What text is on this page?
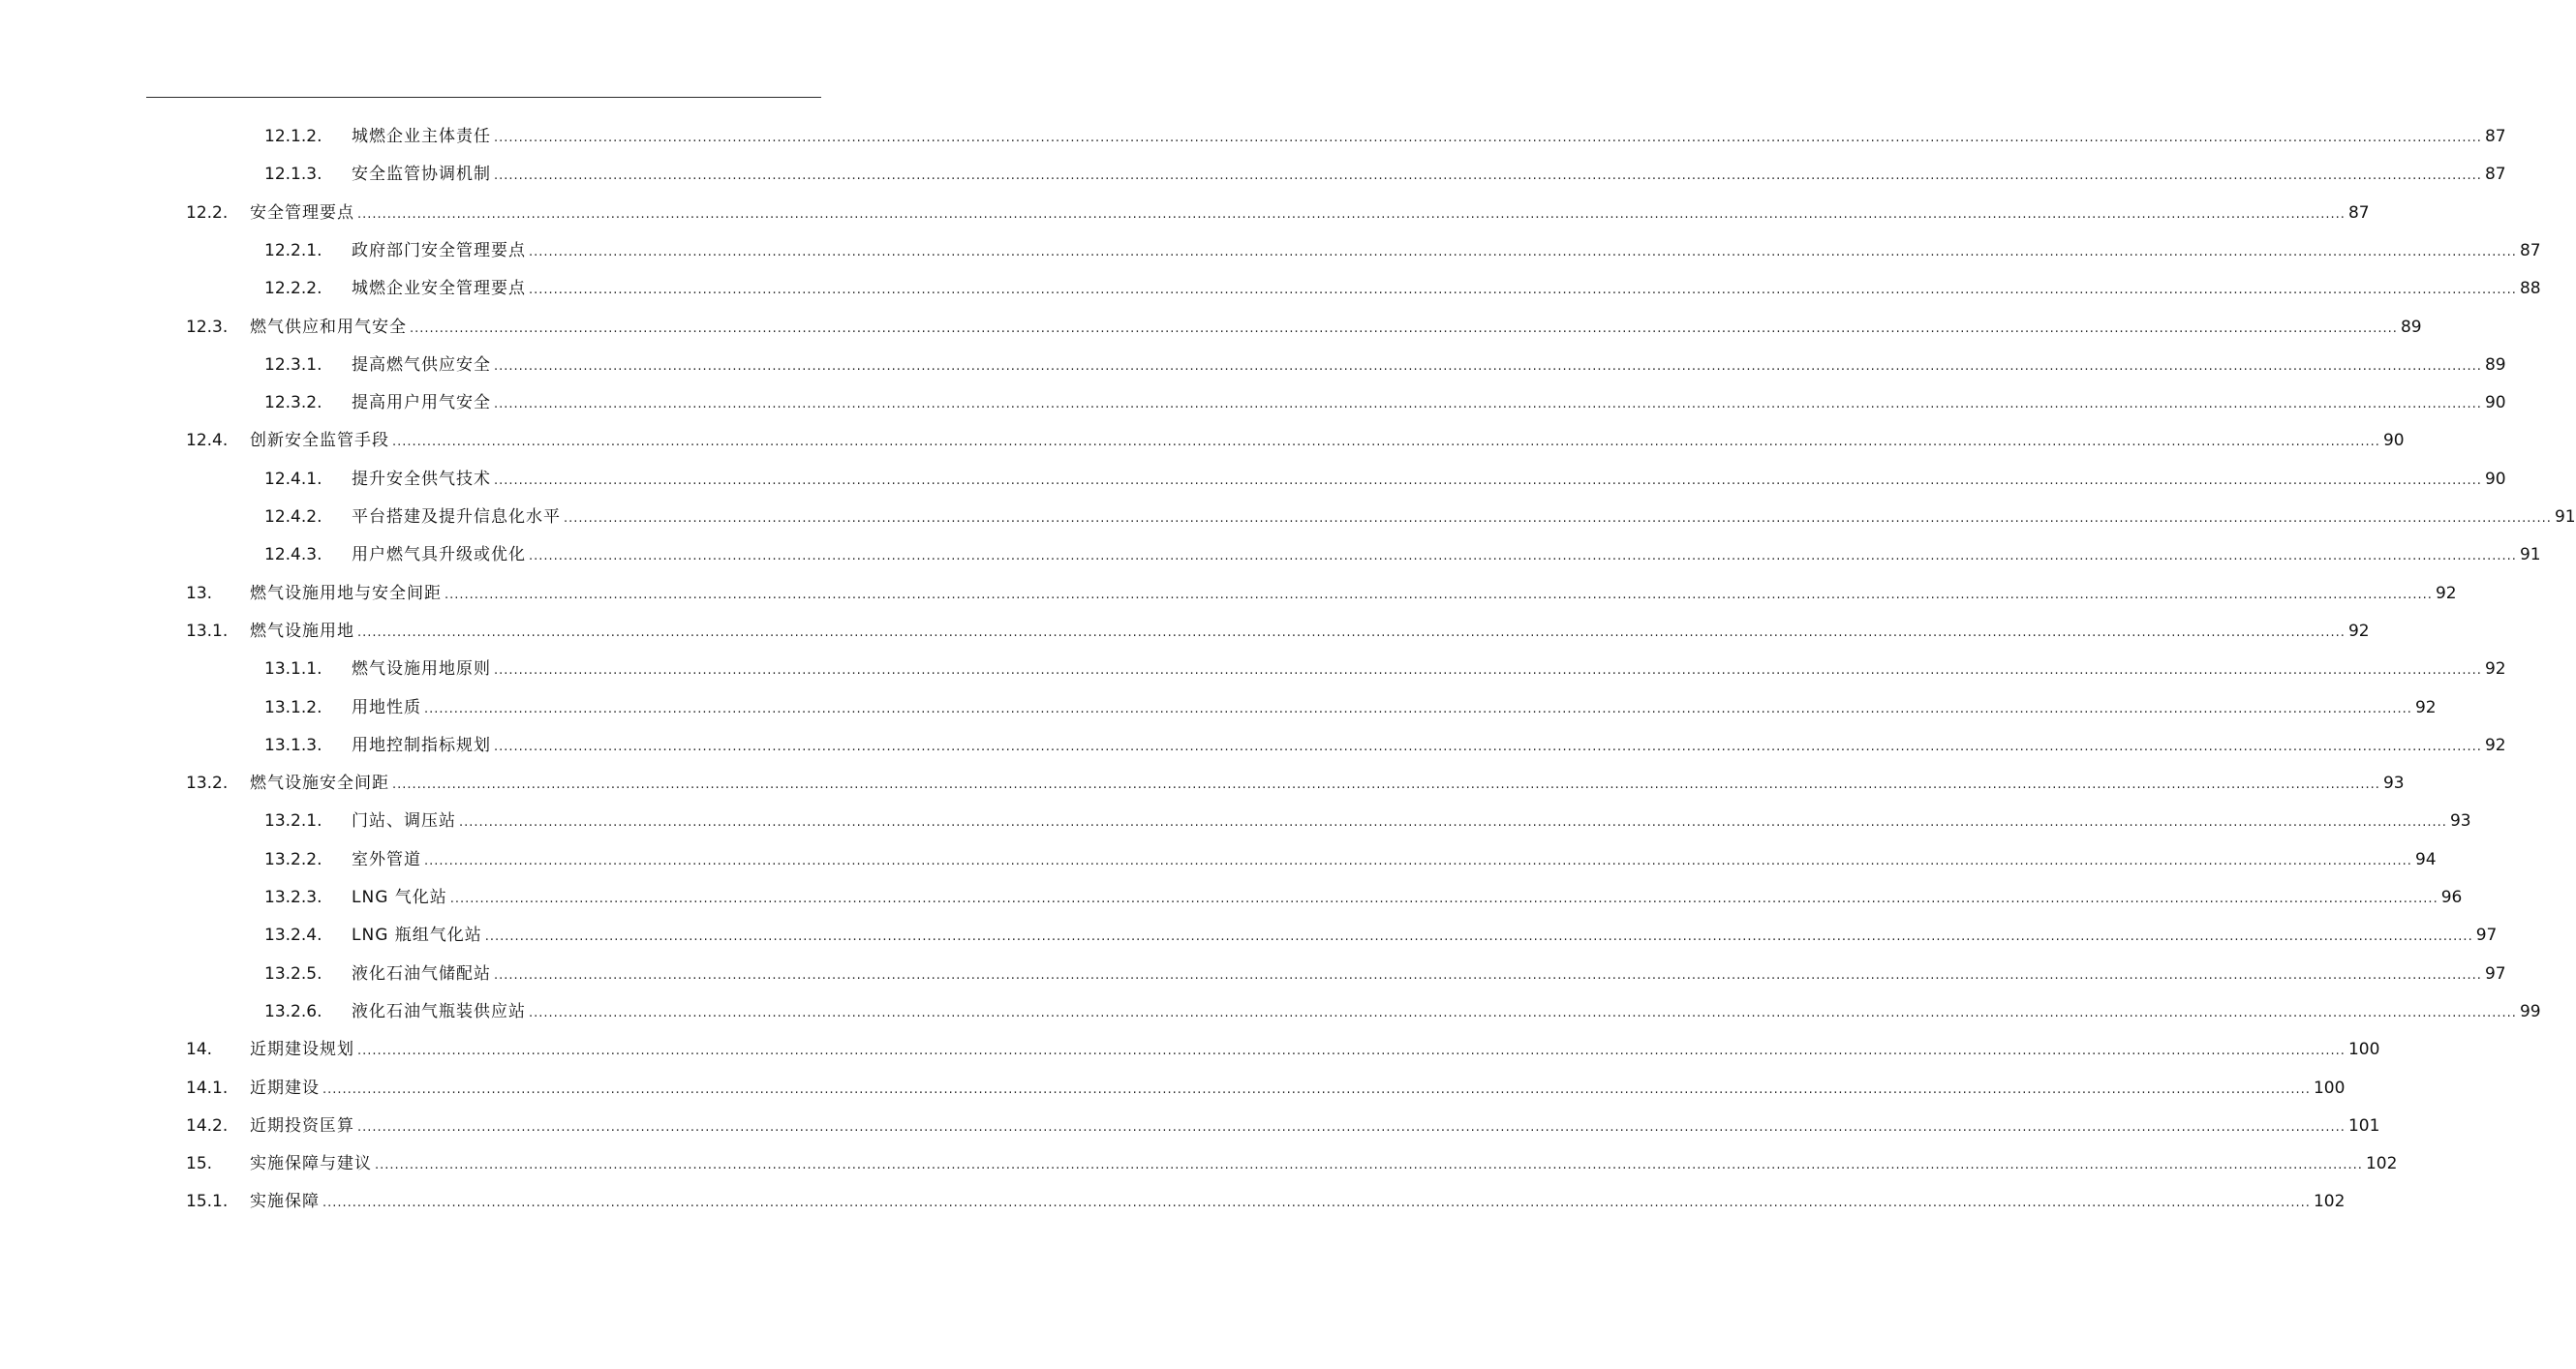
12.1.2. 城燃企业主体责任 ................................................................................................................................................................................................................................................................................................................................................................................................................ 87
12.1.3. 安全监管协调机制 ................................................................................................................................................................................................................................................................................................................................................................................................................ 87
12.2. 安全管理要点 ................................................................................................................................................................................................................................................................................................................................................................................................................ 87
12.2.1. 政府部门安全管理要点 ................................................................................................................................................................................................................................................................................................................................................................................................................ 87
12.2.2. 城燃企业安全管理要点 ................................................................................................................................................................................................................................................................................................................................................................................................................ 88
12.3. 燃气供应和用气安全 ................................................................................................................................................................................................................................................................................................................................................................................................................ 89
12.3.1. 提高燃气供应安全 ................................................................................................................................................................................................................................................................................................................................................................................................................ 89
12.3.2. 提高用户用气安全 ................................................................................................................................................................................................................................................................................................................................................................................................................ 90
12.4. 创新安全监管手段 ................................................................................................................................................................................................................................................................................................................................................................................................................ 90
12.4.1. 提升安全供气技术 ................................................................................................................................................................................................................................................................................................................................................................................................................ 90
12.4.2. 平台搭建及提升信息化水平 ................................................................................................................................................................................................................................................................................................................................................................................................................ 91
12.4.3. 用户燃气具升级或优化 ................................................................................................................................................................................................................................................................................................................................................................................................................ 91
13. 燃气设施用地与安全间距 ................................................................................................................................................................................................................................................................................................................................................................................................................ 92
13.1. 燃气设施用地 ................................................................................................................................................................................................................................................................................................................................................................................................................ 92
13.1.1. 燃气设施用地原则 ................................................................................................................................................................................................................................................................................................................................................................................................................ 92
13.1.2. 用地性质 ................................................................................................................................................................................................................................................................................................................................................................................................................ 92
13.1.3. 用地控制指标规划 ................................................................................................................................................................................................................................................................................................................................................................................................................ 92
13.2. 燃气设施安全间距 ................................................................................................................................................................................................................................................................................................................................................................................................................ 93
13.2.1. 门站、调压站 ................................................................................................................................................................................................................................................................................................................................................................................................................ 93
13.2.2. 室外管道 ................................................................................................................................................................................................................................................................................................................................................................................................................ 94
13.2.3. LNG 气化站 ................................................................................................................................................................................................................................................................................................................................................................................................................ 96
13.2.4. LNG 瓶组气化站 ................................................................................................................................................................................................................................................................................................................................................................................................................ 97
13.2.5. 液化石油气储配站 ................................................................................................................................................................................................................................................................................................................................................................................................................ 97
13.2.6. 液化石油气瓶装供应站 ................................................................................................................................................................................................................................................................................................................................................................................................................ 99
14. 近期建设规划 ................................................................................................................................................................................................................................................................................................................................................................................................................ 100
14.1. 近期建设 ................................................................................................................................................................................................................................................................................................................................................................................................................ 100
14.2. 近期投资匡算 ................................................................................................................................................................................................................................................................................................................................................................................................................ 101
15. 实施保障与建议 ................................................................................................................................................................................................................................................................................................................................................................................................................ 102
15.1. 实施保障 ................................................................................................................................................................................................................................................................................................................................................................................................................ 102
